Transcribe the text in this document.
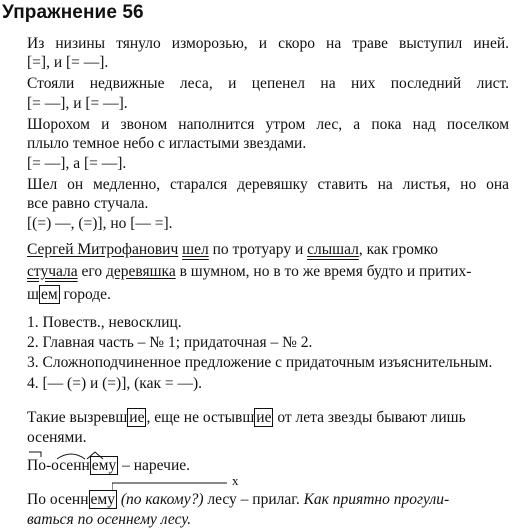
Упражнение 56
Из низины тянуло изморозью, и скоро на траве выступил иней.
[=], и [= —].
Стояли недвижные леса, и цепенел на них последний лист.
[= —], и [= —].
Шорохом и звоном наполнится утром лес, а пока над поселком
плыло темное небо с игластыми звездами.
[= —], а [= —].
Шел он медленно, старался деревяшку ставить на листья, но она
все равно стучала.
[(=) —, (=)], но [— =].
Сергей Митрофанович шел по тротуару и слышал, как громко
стучала его деревяшка в шумном, но в то же время будто и притих-
ш ем городе.
1. Повеств., невосклиц.
2. Главная часть – № 1; придаточная – № 2.
3. Сложноподчиненное предложение с придаточным изъяснительным.
4. [— (=) и (=)], (как = —).
Такие вызревш ие , еще не остывш ие от лета звезды бывают лишь
осенями.
По-осенн ему – наречие.
x
По осенн ему (по какому?) лесу – прилаг. Как приятно прогули-
ваться по осеннему лесу.
